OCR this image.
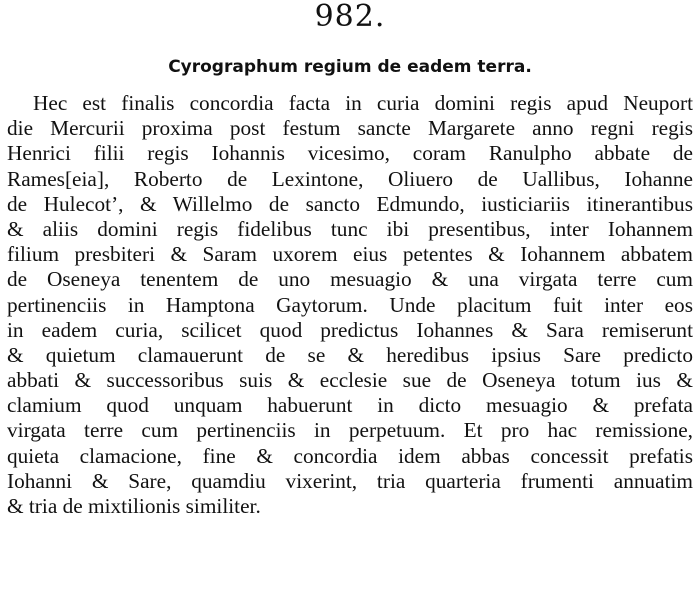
982.
Cyrographum regium de eadem terra.
Hec est finalis concordia facta in curia domini regis apud Neuport
die Mercurii proxima post festum sancte Margarete anno regni regis
Henrici filii regis Iohannis vicesimo, coram Ranulpho abbate de
Rames[eia], Roberto de Lexintone, Oliuero de Uallibus, Iohanne
de Hulecot’, & Willelmo de sancto Edmundo, iusticiariis itinerantibus
& aliis domini regis fidelibus tunc ibi presentibus, inter Iohannem
filium presbiteri & Saram uxorem eius petentes & Iohannem abbatem
de Oseneya tenentem de uno mesuagio & una virgata terre cum
pertinenciis in Hamptona Gaytorum. Unde placitum fuit inter eos
in eadem curia, scilicet quod predictus Iohannes & Sara remiserunt
& quietum clamauerunt de se & heredibus ipsius Sare predicto
abbati & successoribus suis & ecclesie sue de Oseneya totum ius &
clamium quod unquam habuerunt in dicto mesuagio & prefata
virgata terre cum pertinenciis in perpetuum. Et pro hac remissione,
quieta clamacione, fine & concordia idem abbas concessit prefatis
Iohanni & Sare, quamdiu vixerint, tria quarteria frumenti annuatim
& tria de mixtilionis similiter.
